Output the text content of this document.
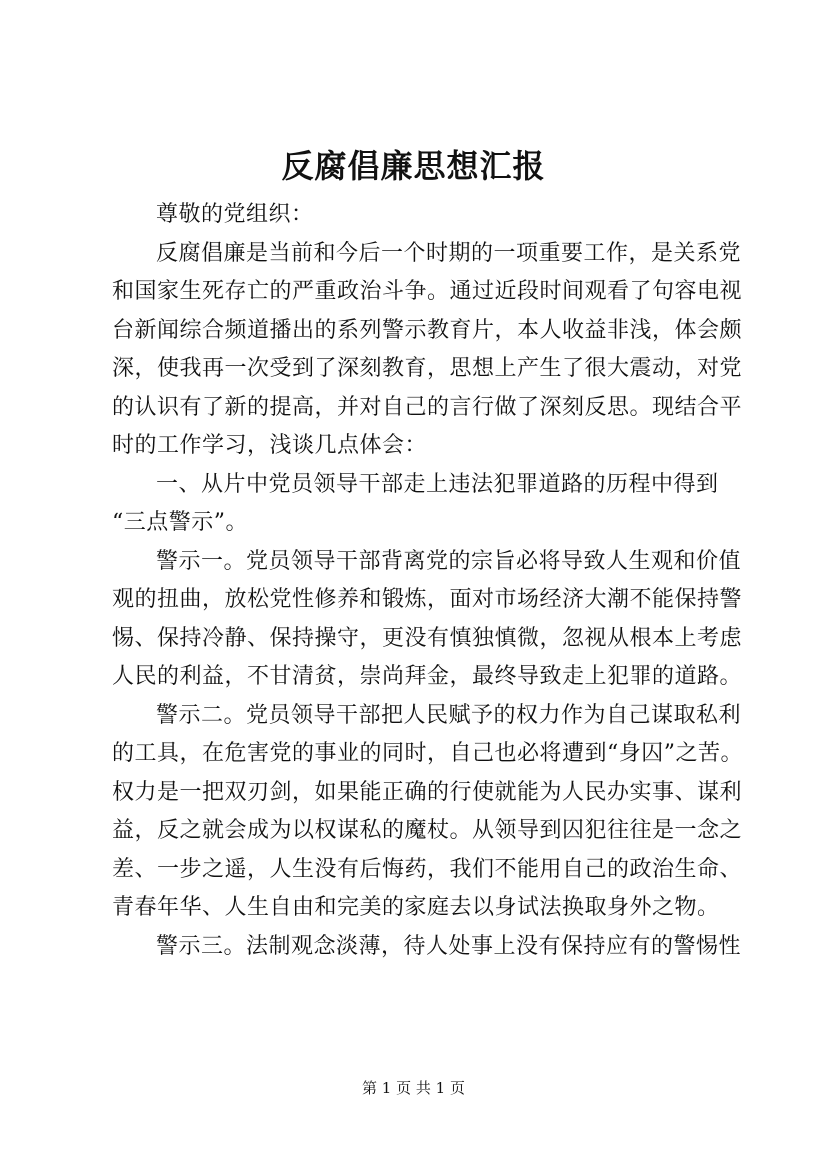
反腐倡廉思想汇报
尊敬的党组织：
反腐倡廉是当前和今后一个时期的一项重要工作，是关系党
和国家生死存亡的严重政治斗争。通过近段时间观看了句容电视
台新闻综合频道播出的系列警示教育片，本人收益非浅，体会颇
深，使我再一次受到了深刻教育，思想上产生了很大震动，对党
的认识有了新的提高，并对自己的言行做了深刻反思。现结合平
时的工作学习，浅谈几点体会：
一、从片中党员领导干部走上违法犯罪道路的历程中得到
“三点警示”。
警示一。党员领导干部背离党的宗旨必将导致人生观和价值
观的扭曲，放松党性修养和锻炼，面对市场经济大潮不能保持警
惕、保持冷静、保持操守，更没有慎独慎微，忽视从根本上考虑
人民的利益，不甘清贫，崇尚拜金，最终导致走上犯罪的道路。
警示二。党员领导干部把人民赋予的权力作为自己谋取私利
的工具，在危害党的事业的同时，自己也必将遭到“身囚”之苦。
权力是一把双刃剑，如果能正确的行使就能为人民办实事、谋利
益，反之就会成为以权谋私的魔杖。从领导到囚犯往往是一念之
差、一步之遥，人生没有后悔药，我们不能用自己的政治生命、
青春年华、人生自由和完美的家庭去以身试法换取身外之物。
警示三。法制观念淡薄，待人处事上没有保持应有的警惕性
第 1 页 共 1 页
